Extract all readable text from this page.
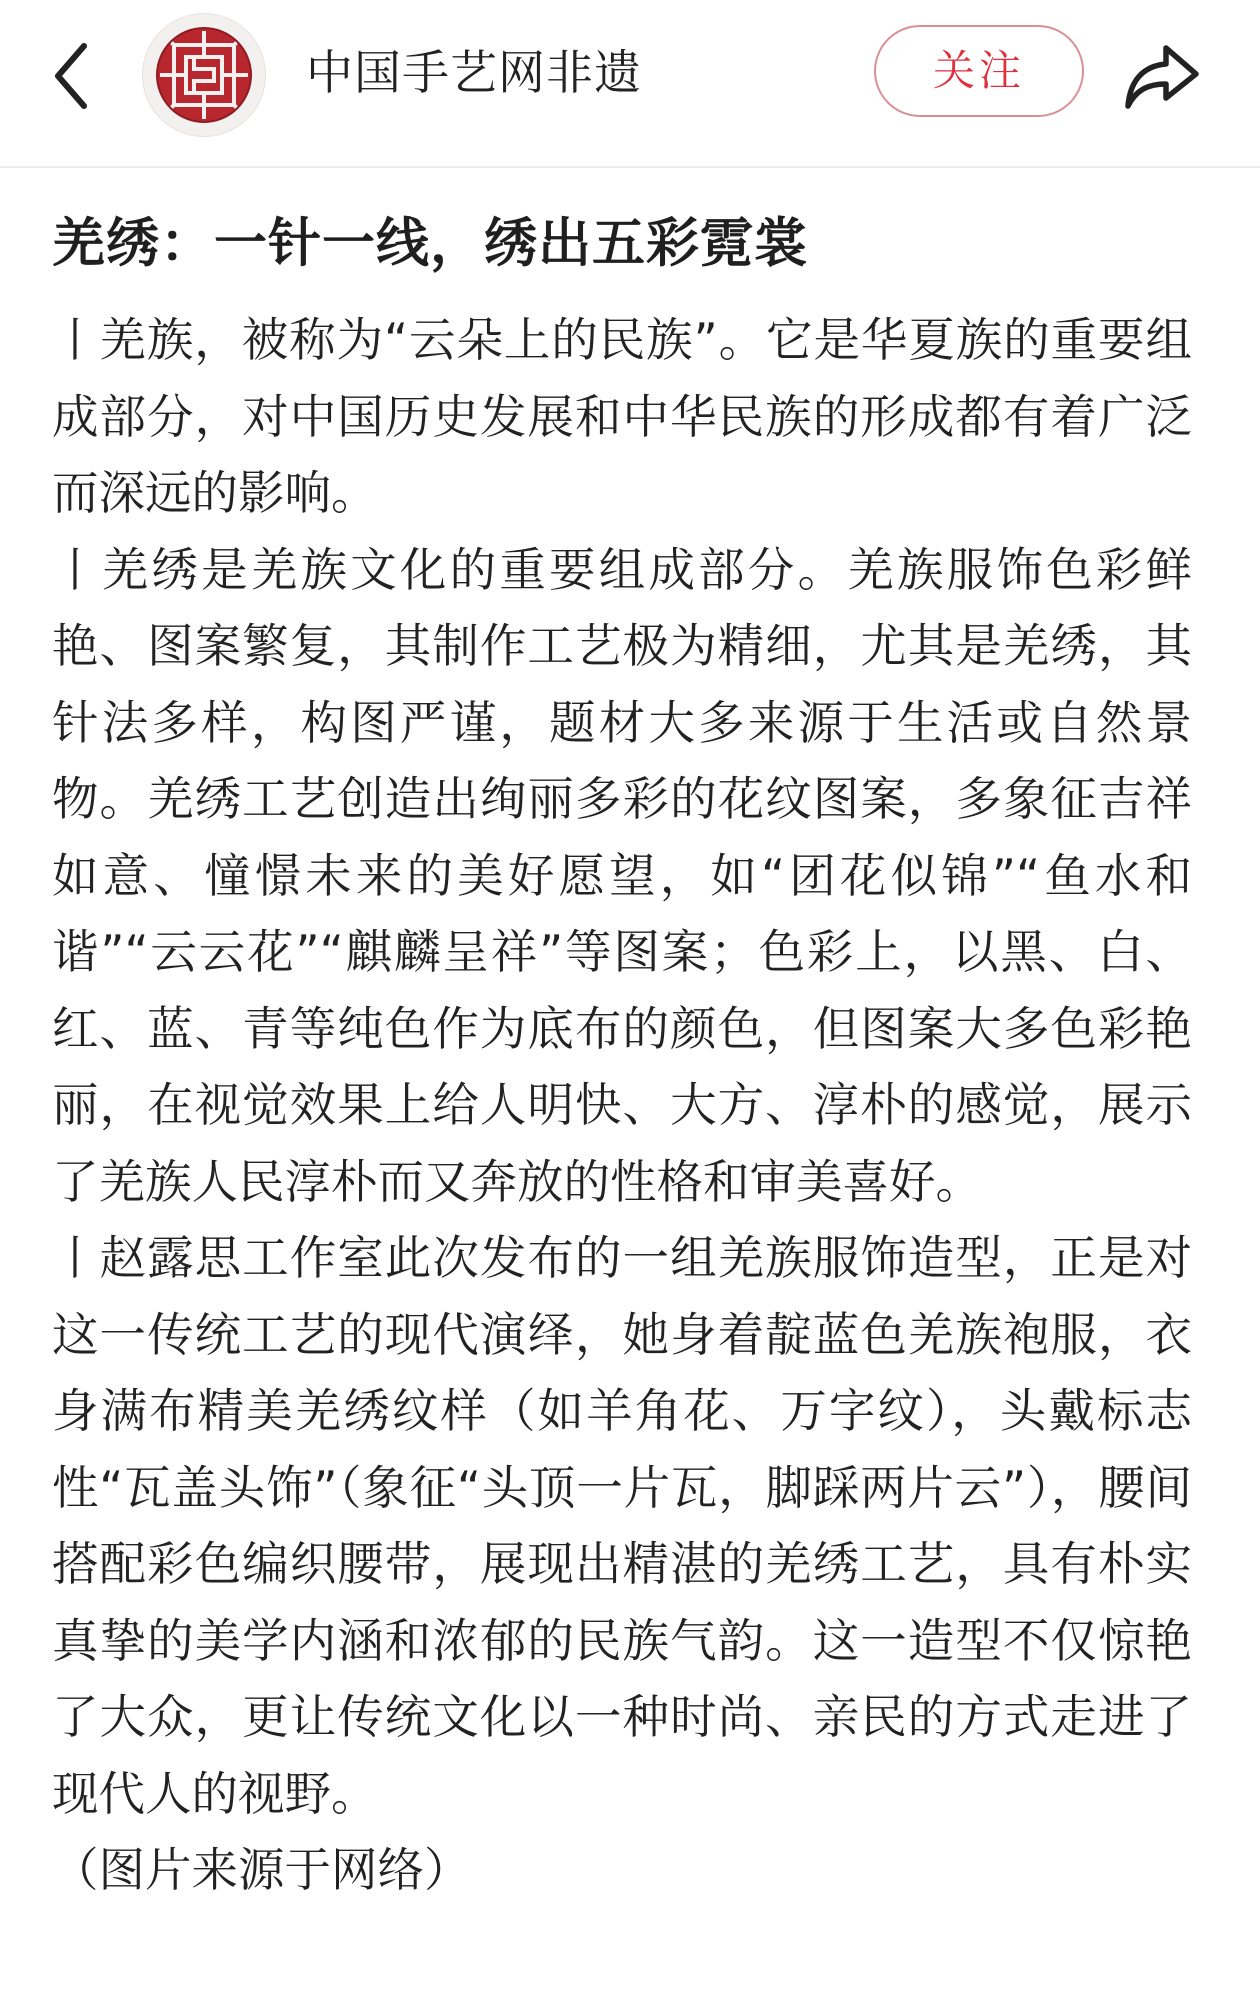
中国手艺网非遗	关注
羌绣：一针一线，绣出五彩霓裳

丨羌族，被称为“云朵上的民族”。它是华夏族的重要组成部分，对中国历史发展和中华民族的形成都有着广泛而深远的影响。

丨羌绣是羌族文化的重要组成部分。羌族服饰色彩鲜艳、图案繁复，其制作工艺极为精细，尤其是羌绣，其针法多样，构图严谨，题材大多来源于生活或自然景物。羌绣工艺创造出绚丽多彩的花纹图案，多象征吉祥如意、憧憬未来的美好愿望，如“团花似锦”“鱼水和谐”“云云花”“麒麟呈祥”等图案；色彩上，以黑、白、红、蓝、青等纯色作为底布的颜色，但图案大多色彩艳丽，在视觉效果上给人明快、大方、淳朴的感觉，展示了羌族人民淳朴而又奔放的性格和审美喜好。

丨赵露思工作室此次发布的一组羌族服饰造型，正是对这一传统工艺的现代演绎，她身着靛蓝色羌族袍服，衣身满布精美羌绣纹样（如羊角花、万字纹），头戴标志性“瓦盖头饰”（象征“头顶一片瓦，脚踩两片云”），腰间搭配彩色编织腰带，展现出精湛的羌绣工艺，具有朴实真挚的美学内涵和浓郁的民族气韵。这一造型不仅惊艳了大众，更让传统文化以一种时尚、亲民的方式走进了现代人的视野。

（图片来源于网络）
